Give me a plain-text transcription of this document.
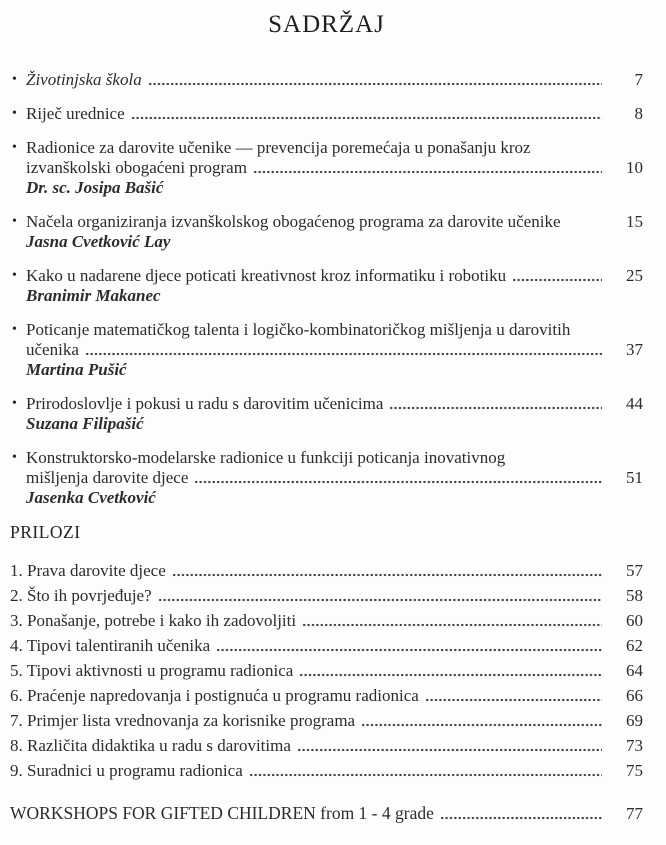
SADRŽAJ
• Životinjska škola	7
• Riječ urednice	8
• Radionice za darovite učenike — prevencija poremećaja u ponašanju kroz
izvanškolski obogaćeni program	10
Dr. sc. Josipa Bašić
• Načela organiziranja izvanškolskog obogaćenog programa za darovite učenike	15
Jasna Cvetković Lay
• Kako u nadarene djece poticati kreativnost kroz informatiku i robotiku	25
Branimir Makanec
• Poticanje matematičkog talenta i logičko-kombinatoričkog mišljenja u darovitih
učenika	37
Martina Pušić
• Prirodoslovlje i pokusi u radu s darovitim učenicima	44
Suzana Filipašić
• Konstruktorsko-modelarske radionice u funkciji poticanja inovativnog
mišljenja darovite djece	51
Jasenka Cvetković
PRILOZI
1. Prava darovite djece	57
2. Što ih povrjeđuje?	58
3. Ponašanje, potrebe i kako ih zadovoljiti	60
4. Tipovi talentiranih učenika	62
5. Tipovi aktivnosti u programu radionica	64
6. Praćenje napredovanja i postignuća u programu radionica	66
7. Primjer lista vrednovanja za korisnike programa	69
8. Različita didaktika u radu s darovitima	73
9. Suradnici u programu radionica	75
WORKSHOPS FOR GIFTED CHILDREN from 1 - 4 grade	77
